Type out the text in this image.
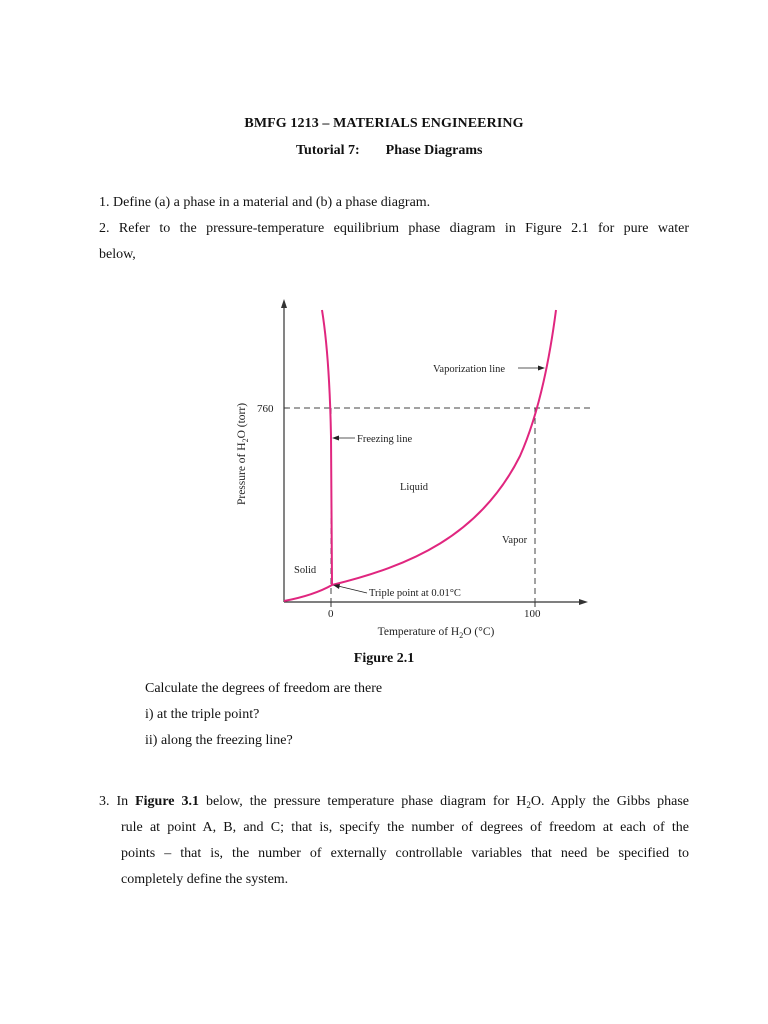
BMFG 1213 – MATERIALS ENGINEERING
Tutorial 7: Phase Diagrams
1. Define (a) a phase in a material and (b) a phase diagram.
2. Refer to the pressure-temperature equilibrium phase diagram in Figure 2.1 for pure water
below,
760
0	100
Solid
Liquid
Vapor
Vaporization line
Freezing line
Triple point at 0.01°C
Temperature of $H_2O$ (°C)
Pressure of $H_2O$ (torr)
Figure 2.1
Calculate the degrees of freedom are there
i) at the triple point?
ii) along the freezing line?
3. In Figure 3.1 below, the pressure temperature phase diagram for $H_2O$. Apply the Gibbs phase
rule at point A, B, and C; that is, specify the number of degrees of freedom at each of the
points – that is, the number of externally controllable variables that need be specified to
completely define the system.
